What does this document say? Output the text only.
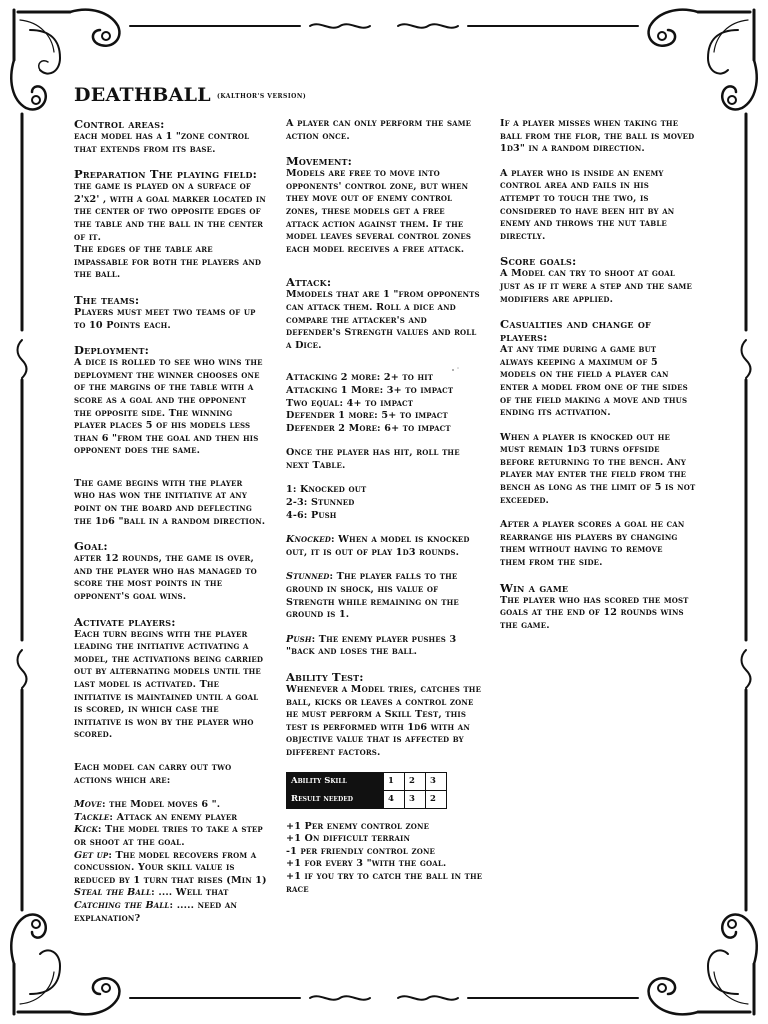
DEATHBALL $^{(KALTHOR'S VERSION)}$
Control areas:

each model has a 1 "zone control

that extends from its base.

Preparation The playing field:

the game is played on a surface of

2'x2' , with a goal marker located in

the center of two opposite edges of

the table and the ball in the center

of it.

The edges of the table are

impassable for both the players and

the ball.

The teams:

Players must meet two teams of up

to 10 Points each.

Deployment:

A dice is rolled to see who wins the

deployment the winner chooses one

of the margins of the table with a

score as a goal and the opponent

the opposite side. The winning

player places 5 of his models less

than 6 "from the goal and then his

opponent does the same.

The game begins with the player

who has won the initiative at any

point on the board and deflecting

the 1d6 "ball in a random direction.

Goal:

after 12 rounds, the game is over,

and the player who has managed to

score the most points in the

opponent's goal wins.

Activate players:

Each turn begins with the player

leading the initiative activating a

model, the activations being carried

out by alternating models until the

last model is activated. The

initiative is maintained until a goal

is scored, in which case the

initiative is won by the player who

scored.

Each model can carry out two

actions which are:

Move: the Model moves 6 ".

Tackle: Attack an enemy player

Kick: The model tries to take a step

or shoot at the goal.

Get up: The model recovers from a

concussion. Your skill value is

reduced by 1 turn that rises (Min 1)

Steal the Ball: .... Well that

Catching the Ball: ..... need an

explanation?

A player can only perform the same

action once.

Movement:

Models are free to move into

opponents' control zone, but when

they move out of enemy control

zones, these models get a free

attack action against them. If the

model leaves several control zones

each model receives a free attack.

Attack:

Mmodels that are 1 "from opponents

can attack them. Roll a dice and

compare the attacker's and

defender's Strength values and roll

a Dice.

Attacking 2 more: 2+ to hit

Attacking 1 More: 3+ to impact

Two equal: 4+ to impact

Defender 1 more: 5+ to impact

Defender 2 More: 6+ to impact

Once the player has hit, roll the

next Table.

1: Knocked out

2-3: Stunned

4-6: Push

Knocked: When a model is knocked

out, it is out of play 1d3 rounds.

Stunned: The player falls to the

ground in shock, his value of

Strength while remaining on the

ground is 1.

Push: The enemy player pushes 3

"back and loses the ball.

Ability Test:

Whenever a Model tries, catches the

ball, kicks or leaves a control zone

he must perform a Skill Test, this

test is performed with 1d6 with an

objective value that is affected by

different factors.

Ability Skill	1	2	3
Result needed	4	3	2

+1 Per enemy control zone

+1 On difficult terrain

-1 per friendly control zone

+1 for every 3 "with the goal.

+1 if you try to catch the ball in the

race

If a player misses when taking the

ball from the flor, the ball is moved

1d3" in a random direction.

A player who is inside an enemy

control area and fails in his

attempt to touch the two, is

considered to have been hit by an

enemy and throws the nut table

directly.

Score goals:

A Model can try to shoot at goal

just as if it were a step and the same

modifiers are applied.

Casualties and change of
players:

At any time during a game but

always keeping a maximum of 5

models on the field a player can

enter a model from one of the sides

of the field making a move and thus

ending its activation.

When a player is knocked out he

must remain 1d3 turns offside

before returning to the bench. Any

player may enter the field from the

bench as long as the limit of 5 is not

exceeded.

After a player scores a goal he can

rearrange his players by changing

them without having to remove

them from the side.

Win a game

The player who has scored the most

goals at the end of 12 rounds wins

the game.
